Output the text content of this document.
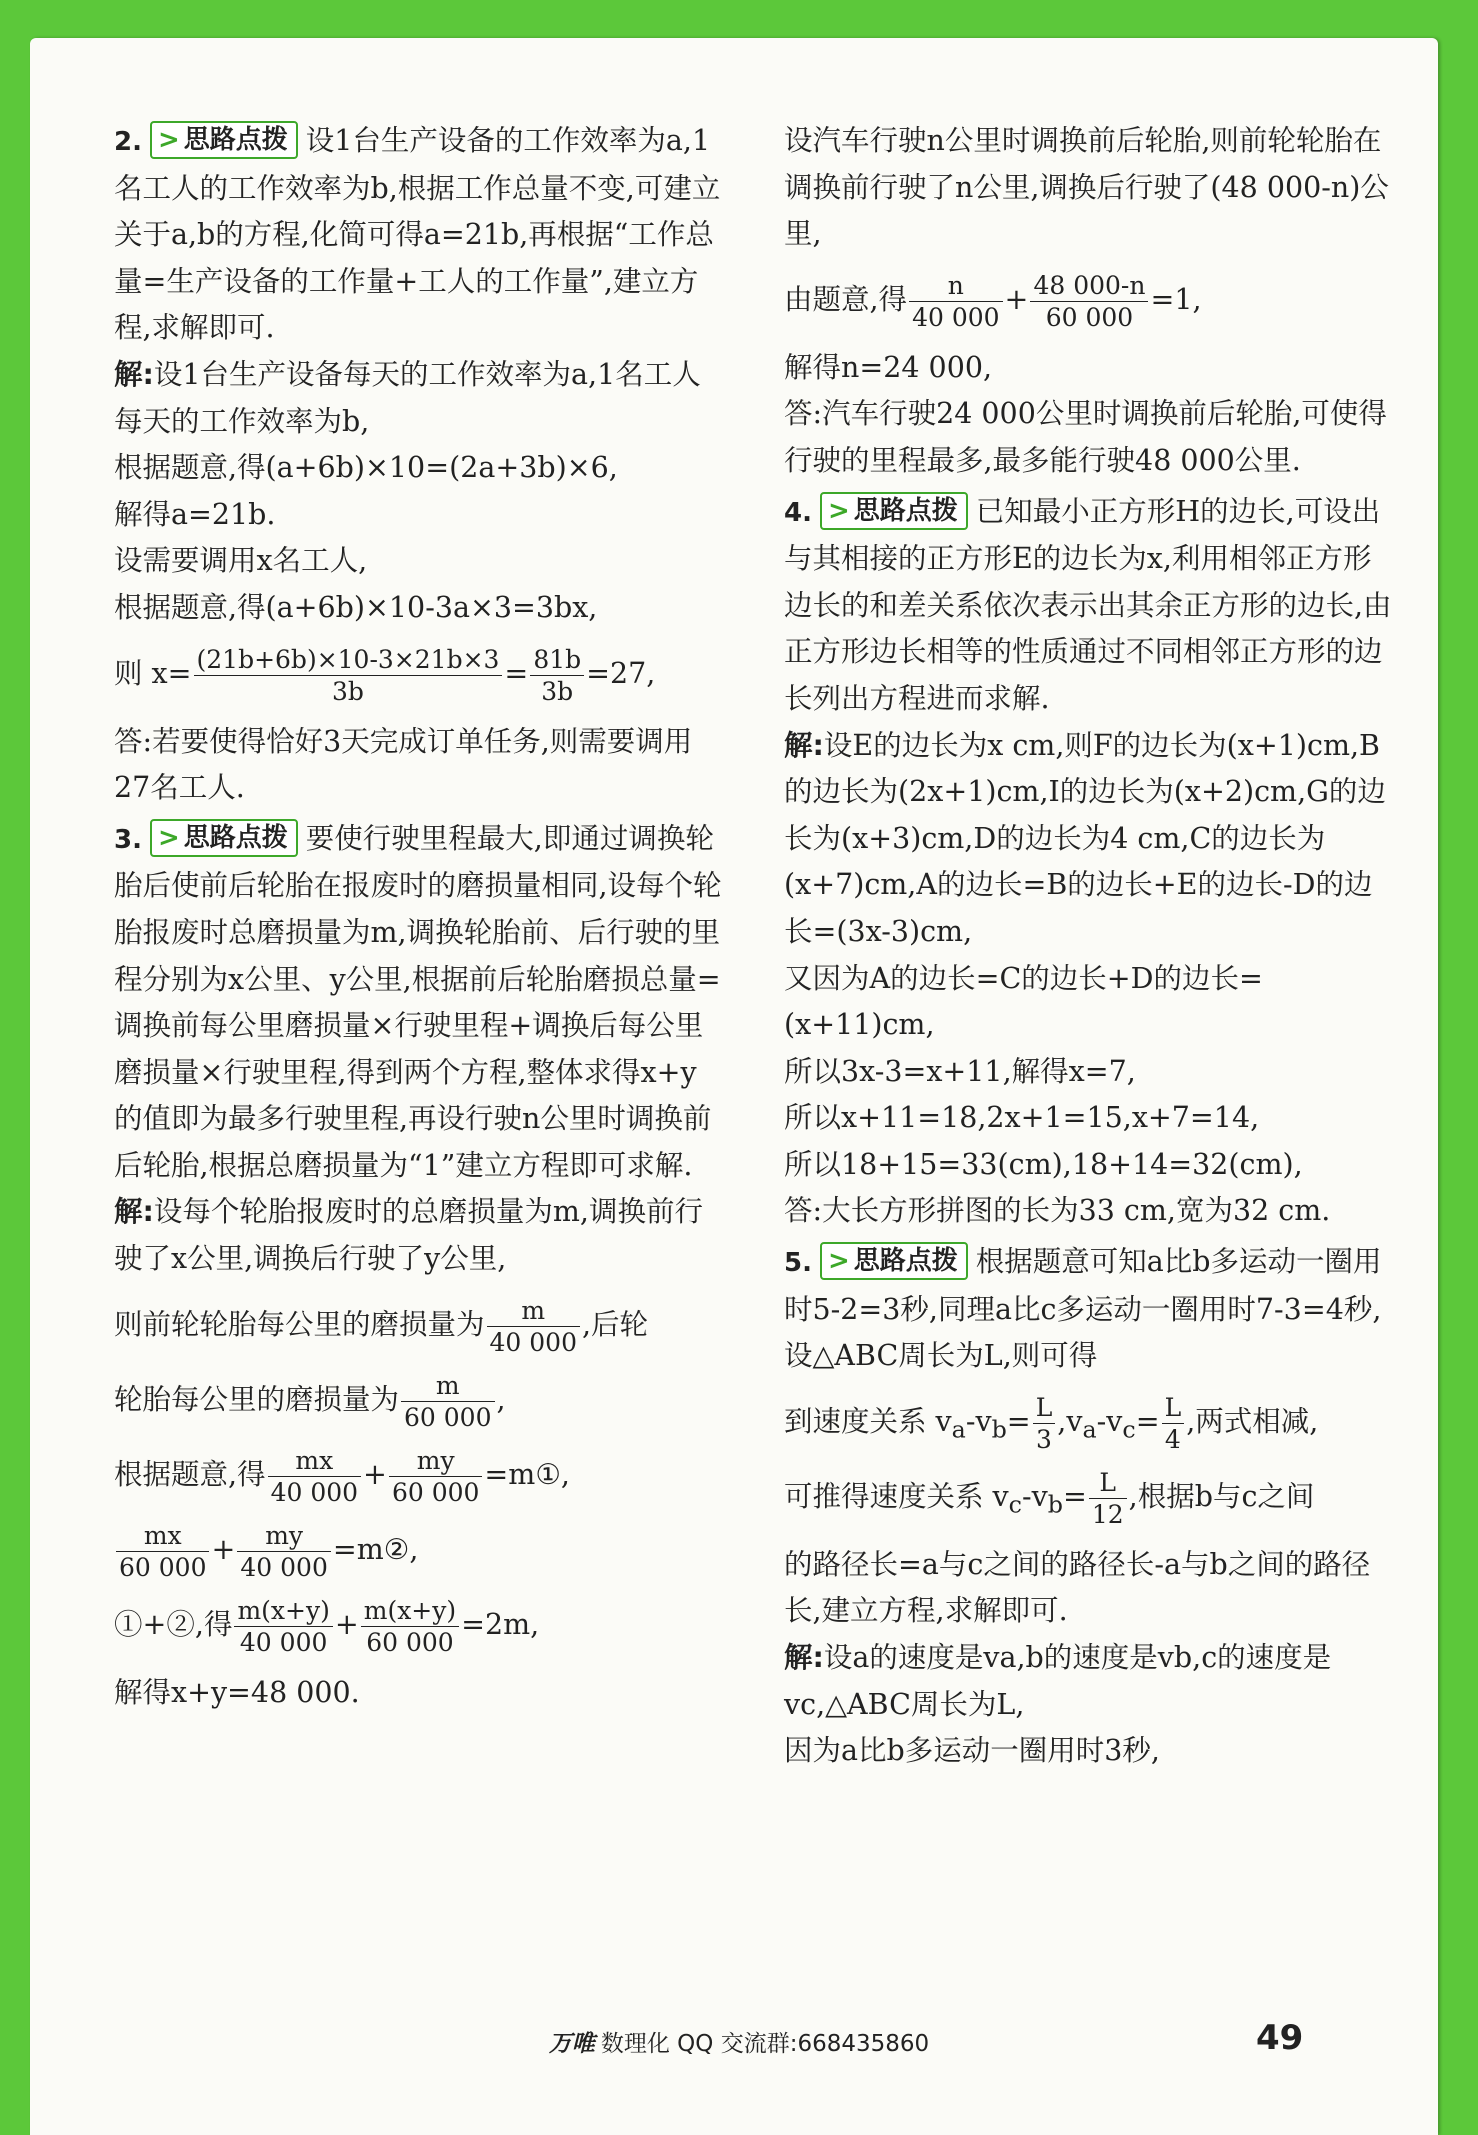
2. > 思路点拨 设1台生产设备的工作效率为a,1名工人的工作效率为b,根据工作总量不变,可建立关于a,b的方程,化简可得a=21b,再根据“工作总量=生产设备的工作量+工人的工作量”,建立方程,求解即可.

解:设1台生产设备每天的工作效率为a,1名工人每天的工作效率为b,

根据题意,得(a+6b)×10=(2a+3b)×6,

解得a=21b.

设需要调用x名工人,

根据题意,得(a+6b)×10-3a×3=3bx,

则 $x= \frac{(21b+6b)\times 10-3\times 21b\times 3}{3b} = \frac{81b}{3b} =27$,

答:若要使得恰好3天完成订单任务,则需要调用27名工人.

3. > 思路点拨 要使行驶里程最大,即通过调换轮胎后使前后轮胎在报废时的磨损量相同,设每个轮胎报废时总磨损量为m,调换轮胎前、后行驶的里程分别为x公里、y公里,根据前后轮胎磨损总量=调换前每公里磨损量×行驶里程+调换后每公里磨损量×行驶里程,得到两个方程,整体求得x+y的值即为最多行驶里程,再设行驶n公里时调换前后轮胎,根据总磨损量为“1”建立方程即可求解.

解:设每个轮胎报废时的总磨损量为m,调换前行驶了x公里,调换后行驶了y公里,

则前轮轮胎每公里的磨损量为 $\frac{m}{40 000}$ ,后轮

轮胎每公里的磨损量为 $\frac{m}{60 000}$ ,

根据题意,得 $\frac{mx}{40 000} + \frac{my}{60 000}$ =m①,

$\frac{mx}{60 000} + \frac{my}{40 000}$ =m②,

①+②,得 $\frac{m(x+y)}{40 000} + \frac{m(x+y)}{60 000} =2m$,

解得x+y=48 000.

设汽车行驶n公里时调换前后轮胎,则前轮轮胎在调换前行驶了n公里,调换后行驶了(48 000-n)公里,

由题意,得 $\frac{n}{40 000} + \frac{48 000-n}{60 000} =1$,

解得n=24 000,

答:汽车行驶24 000公里时调换前后轮胎,可使得行驶的里程最多,最多能行驶48 000公里.

4. > 思路点拨 已知最小正方形H的边长,可设出与其相接的正方形E的边长为x,利用相邻正方形边长的和差关系依次表示出其余正方形的边长,由正方形边长相等的性质通过不同相邻正方形的边长列出方程进而求解.

解:设E的边长为x cm,则F的边长为(x+1)cm,B的边长为(2x+1)cm,I的边长为(x+2)cm,G的边长为(x+3)cm,D的边长为4 cm,C的边长为(x+7)cm,A的边长=B的边长+E的边长-D的边长=(3x-3)cm,

又因为A的边长=C的边长+D的边长=(x+11)cm,

所以3x-3=x+11,解得x=7,

所以x+11=18,2x+1=15,x+7=14,

所以18+15=33(cm),18+14=32(cm),

答:大长方形拼图的长为33 cm,宽为32 cm.

5. > 思路点拨 根据题意可知a比b多运动一圈用时5-2=3秒,同理a比c多运动一圈用时7-3=4秒,设△ABC周长为L,则可得

到速度关系 $v_a-v_b= \frac{L}{3} ,v_a-v_c= \frac{L}{4}$ ,两式相减,

可推得速度关系 $v_c-v_b= \frac{L}{12}$ ,根据b与c之间

的路径长=a与c之间的路径长-a与b之间的路径长,建立方程,求解即可.

解:设a的速度是va,b的速度是vb,c的速度是vc,△ABC周长为L,

因为a比b多运动一圈用时3秒,

万唯 数理化 QQ 交流群:668435860	49
